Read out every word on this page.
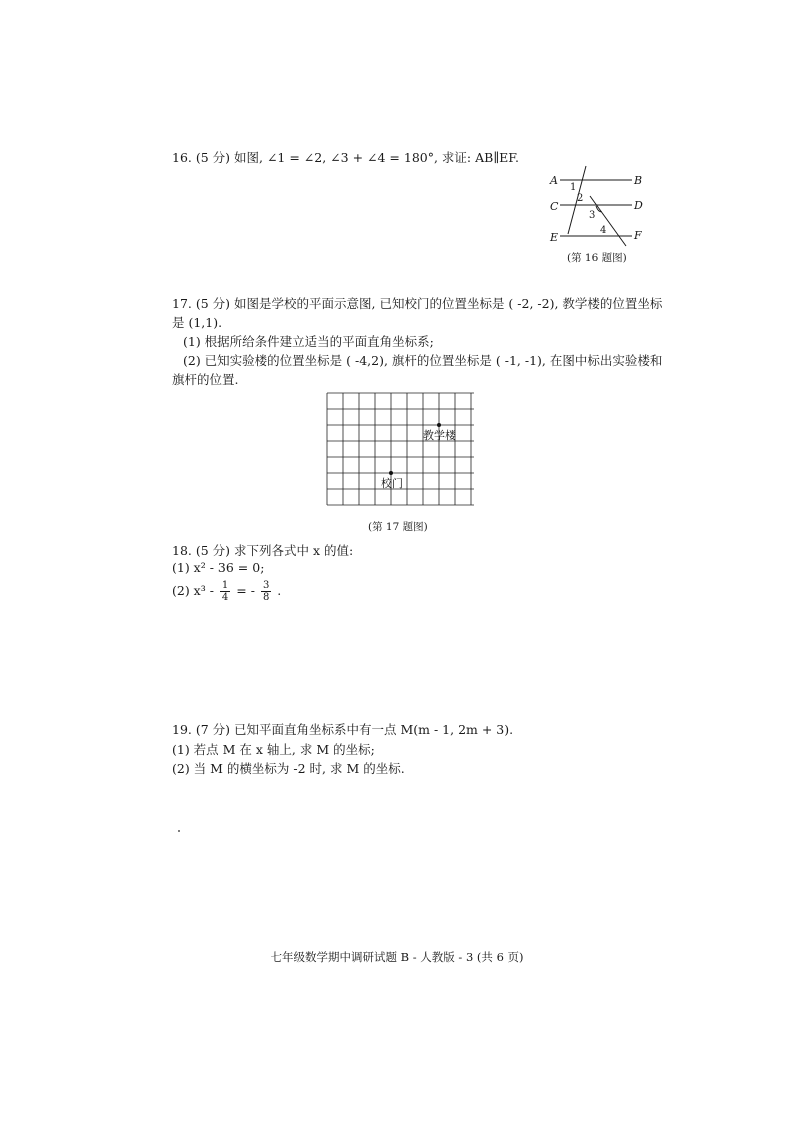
16. (5 分) 如图, ∠1 = ∠2, ∠3 + ∠4 = 180°, 求证: AB∥EF.
A	B
C	D
E	F
1
2
3
4
(第 16 题图)
17. (5 分) 如图是学校的平面示意图, 已知校门的位置坐标是 ( -2, -2), 教学楼的位置坐标
是 (1,1).
(1) 根据所给条件建立适当的平面直角坐标系;
(2) 已知实验楼的位置坐标是 ( -4,2), 旗杆的位置坐标是 ( -1, -1), 在图中标出实验楼和
旗杆的位置.
教学楼
校门
(第 17 题图)
18. (5 分) 求下列各式中 x 的值:
(1) x² - 36 = 0;
(2) $x^3 - \frac{1}{4}$ = - $\frac{3}{8}$ .
19. (7 分) 已知平面直角坐标系中有一点 M(m - 1, 2m + 3).
(1) 若点 M 在 x 轴上, 求 M 的坐标;
(2) 当 M 的横坐标为 -2 时, 求 M 的坐标.
七年级数学期中调研试题 B - 人教版 - 3 (共 6 页)
